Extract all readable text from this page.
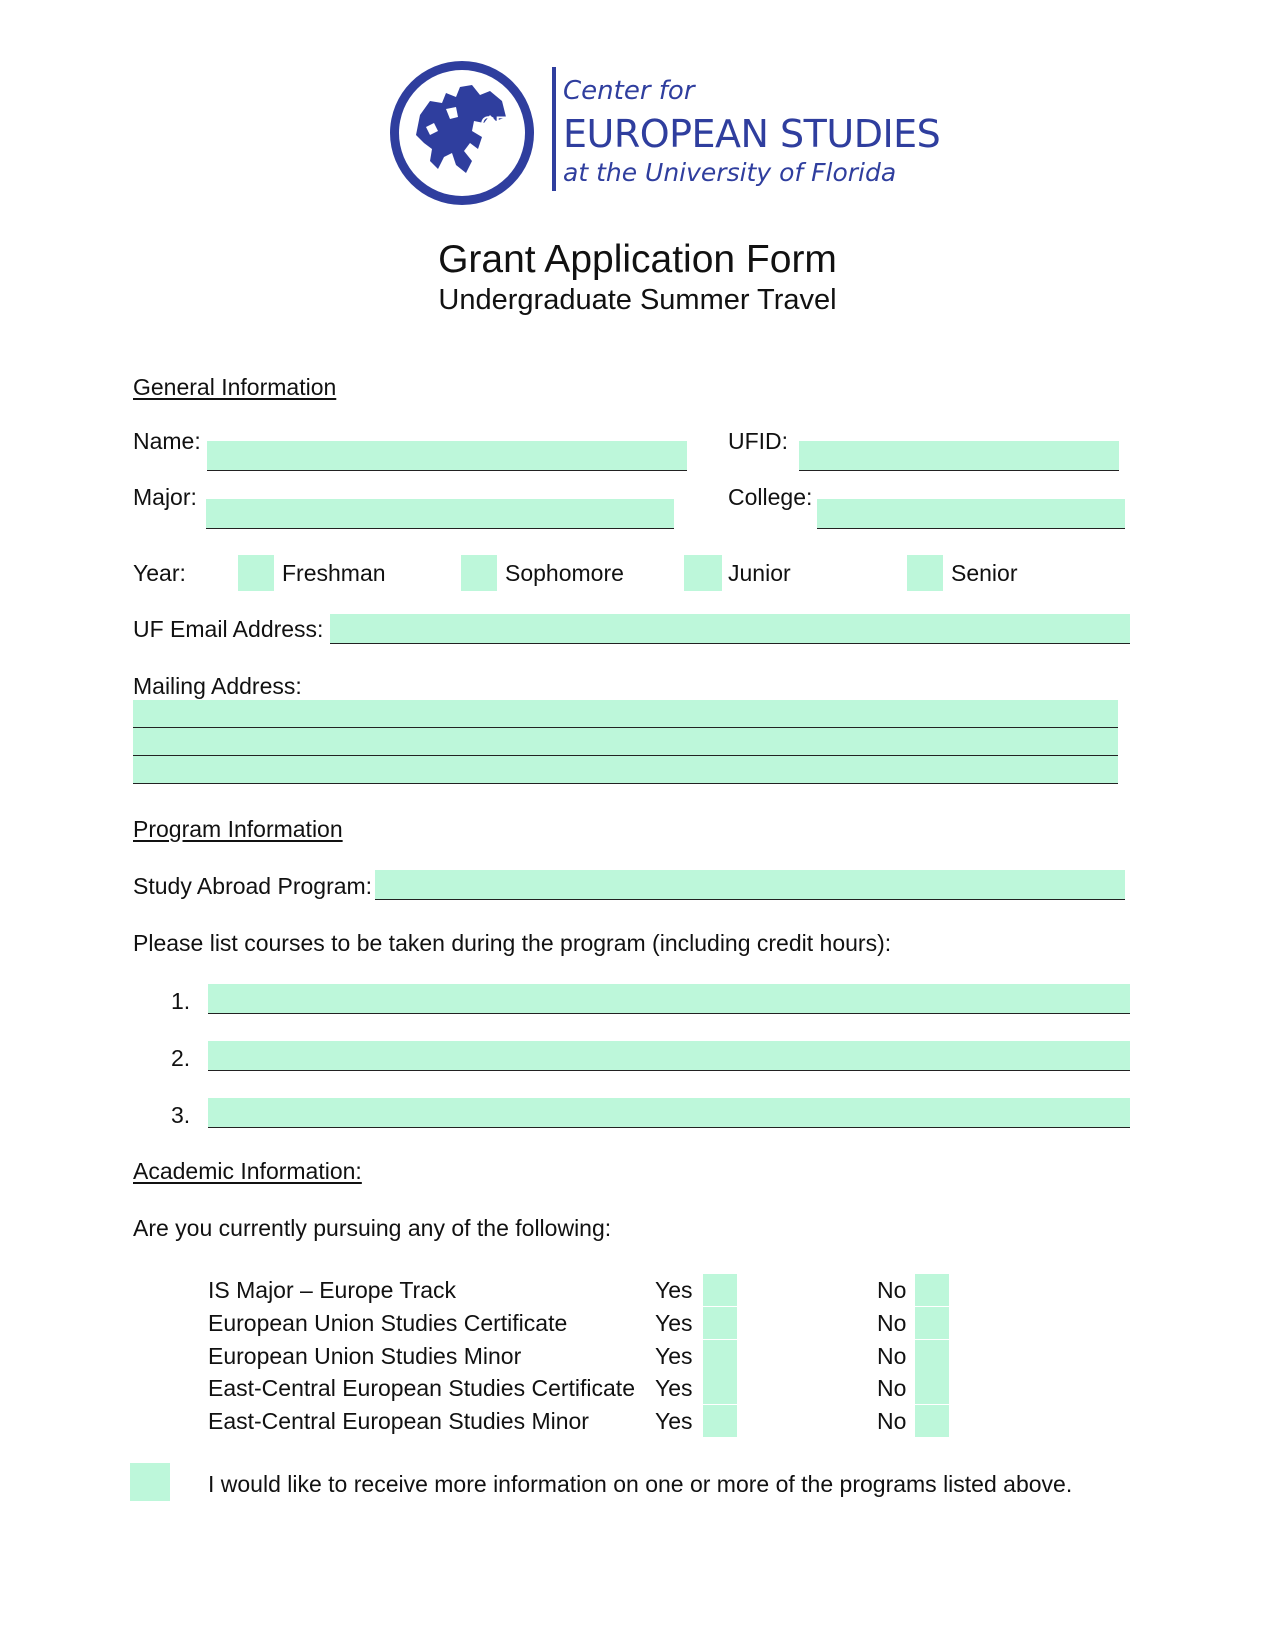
CES
Center for
EUROPEAN STUDIES
at the University of Florida
Grant Application Form
Undergraduate Summer Travel
General Information
Name:	UFID:
Major:	College:
Year:	Freshman	Sophomore	Junior	Senior
UF Email Address:
Mailing Address:
Program Information
Study Abroad Program:
Please list courses to be taken during the program (including credit hours):
1.
2.
3.
Academic Information:
Are you currently pursuing any of the following:
IS Major – Europe Track	Yes	No
European Union Studies Certificate	Yes	No
European Union Studies Minor	Yes	No
East-Central European Studies Certificate Yes	No
East-Central European Studies Minor	Yes	No
I would like to receive more information on one or more of the programs listed above.
